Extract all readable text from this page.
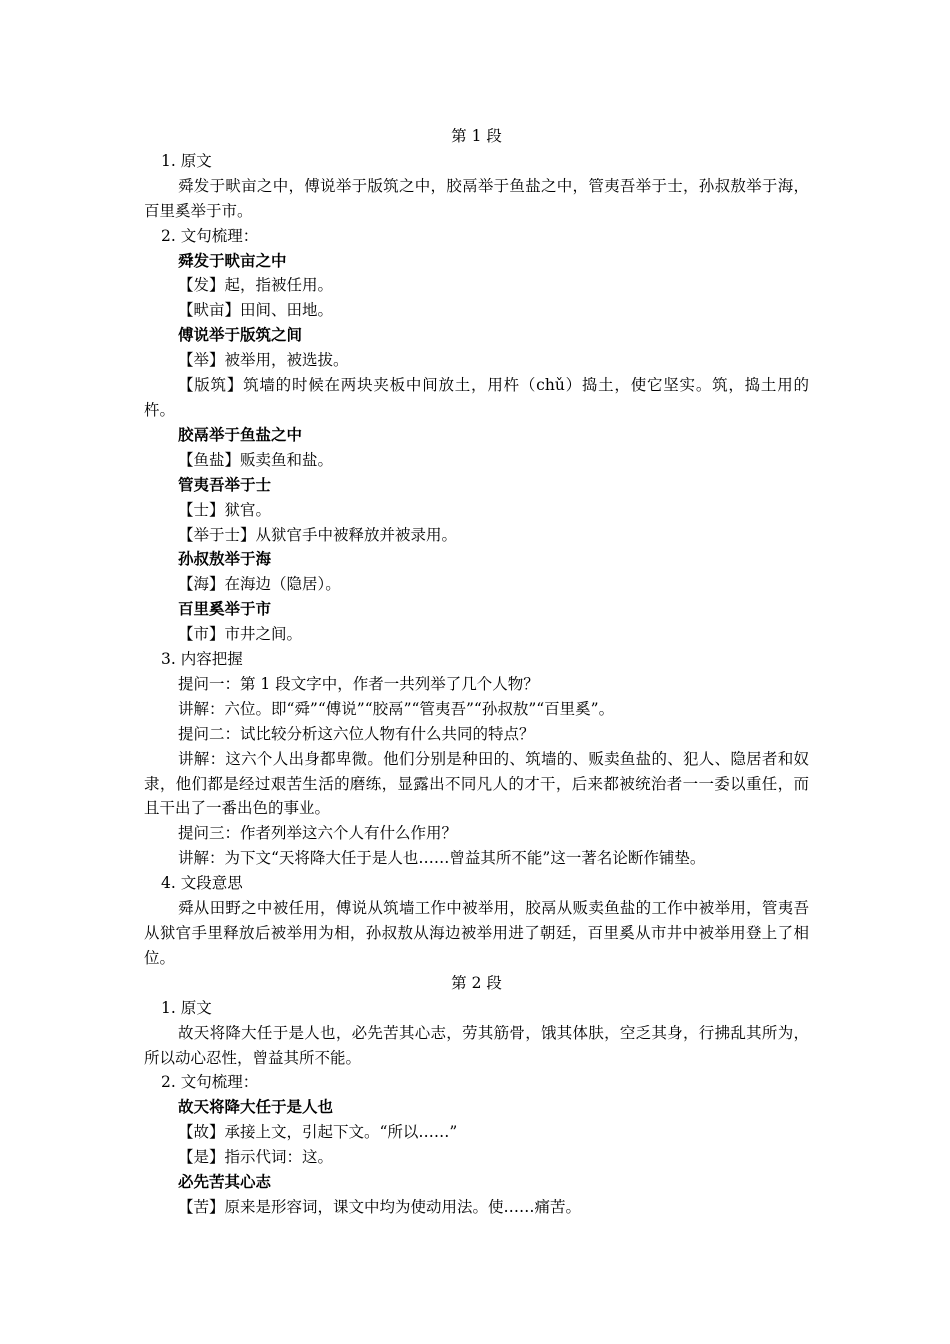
第 1 段
1. 原文
舜发于畎亩之中，傅说举于版筑之中，胶鬲举于鱼盐之中，管夷吾举于士，孙叔敖举于海，百里奚举于市。
2. 文句梳理：
舜发于畎亩之中
【发】起，指被任用。
【畎亩】田间、田地。
傅说举于版筑之间
【举】被举用，被选拔。
【版筑】筑墙的时候在两块夹板中间放土，用杵（chǔ）捣土，使它坚实。筑，捣土用的杵。
胶鬲举于鱼盐之中
【鱼盐】贩卖鱼和盐。
管夷吾举于士
【士】狱官。
【举于士】从狱官手中被释放并被录用。
孙叔敖举于海
【海】在海边（隐居）。
百里奚举于市
【市】市井之间。
3. 内容把握
提问一：第 1 段文字中，作者一共列举了几个人物？
讲解：六位。即“舜”“傅说”“胶鬲”“管夷吾”“孙叔敖”“百里奚”。
提问二：试比较分析这六位人物有什么共同的特点？
讲解：这六个人出身都卑微。他们分别是种田的、筑墙的、贩卖鱼盐的、犯人、隐居者和奴隶，他们都是经过艰苦生活的磨练，显露出不同凡人的才干，后来都被统治者一一委以重任，而且干出了一番出色的事业。
提问三：作者列举这六个人有什么作用？
讲解：为下文“天将降大任于是人也……曾益其所不能”这一著名论断作铺垫。
4. 文段意思
舜从田野之中被任用，傅说从筑墙工作中被举用，胶鬲从贩卖鱼盐的工作中被举用，管夷吾从狱官手里释放后被举用为相，孙叔敖从海边被举用进了朝廷，百里奚从市井中被举用登上了相位。
第 2 段
1. 原文
故天将降大任于是人也，必先苦其心志，劳其筋骨，饿其体肤，空乏其身，行拂乱其所为，所以动心忍性，曾益其所不能。
2. 文句梳理：
故天将降大任于是人也
【故】承接上文，引起下文。“所以……”
【是】指示代词：这。
必先苦其心志
【苦】原来是形容词，课文中均为使动用法。使……痛苦。
